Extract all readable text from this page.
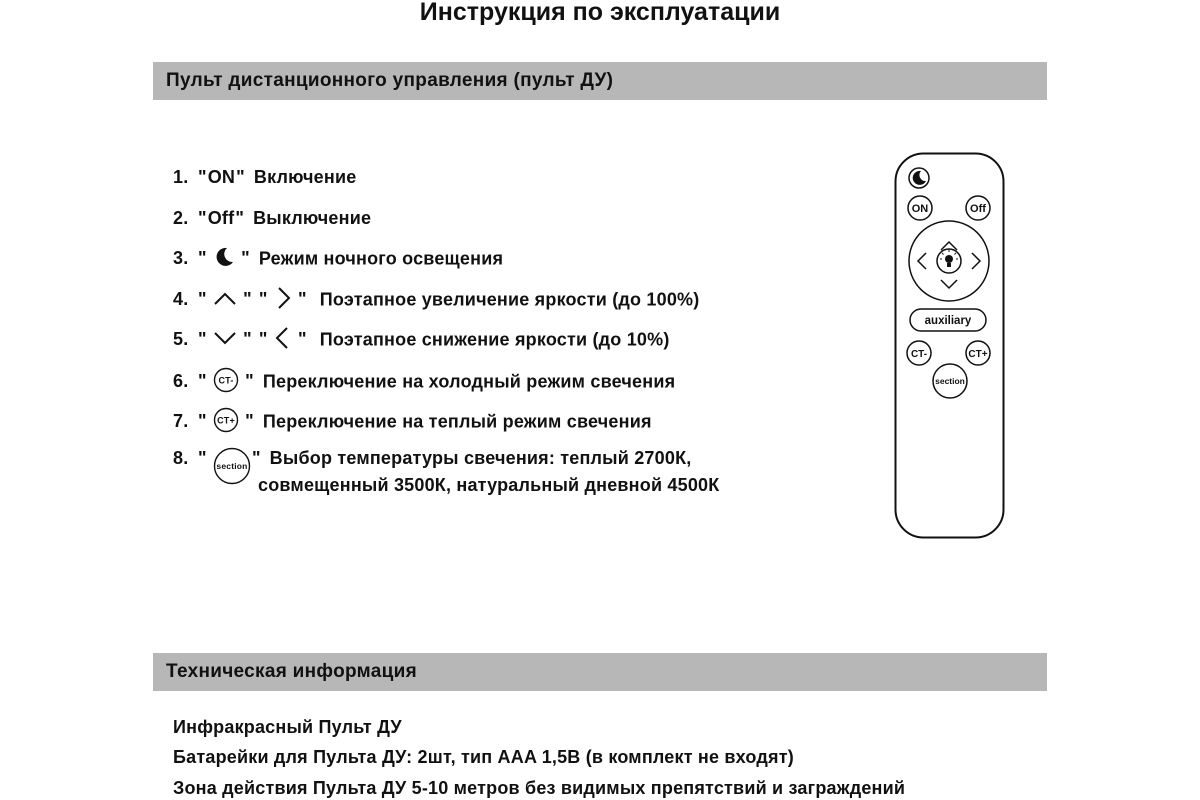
Инструкция по эксплуатации
Пульт дистанционного управления (пульт ДУ)
1. "ON" Включение
2. "Off" Выключение
3. " " Режим ночного освещения
4. " " " " Поэтапное увеличение яркости (до 100%)
5. " " " " Поэтапное снижение яркости (до 10%)
6. " CT- " Переключение на холодный режим свечения
7. " CT+ " Переключение на теплый режим свечения
8. " section " Выбор температуры свечения: теплый 2700К,
совмещенный 3500К, натуральный дневной 4500К
ON	Off
auxiliary
CT-	CT+
section
Техническая информация
Инфракрасный Пульт ДУ
Батарейки для Пульта ДУ: 2шт, тип AAA 1,5В (в комплект не входят)
Зона действия Пульта ДУ 5-10 метров без видимых препятствий и заграждений
